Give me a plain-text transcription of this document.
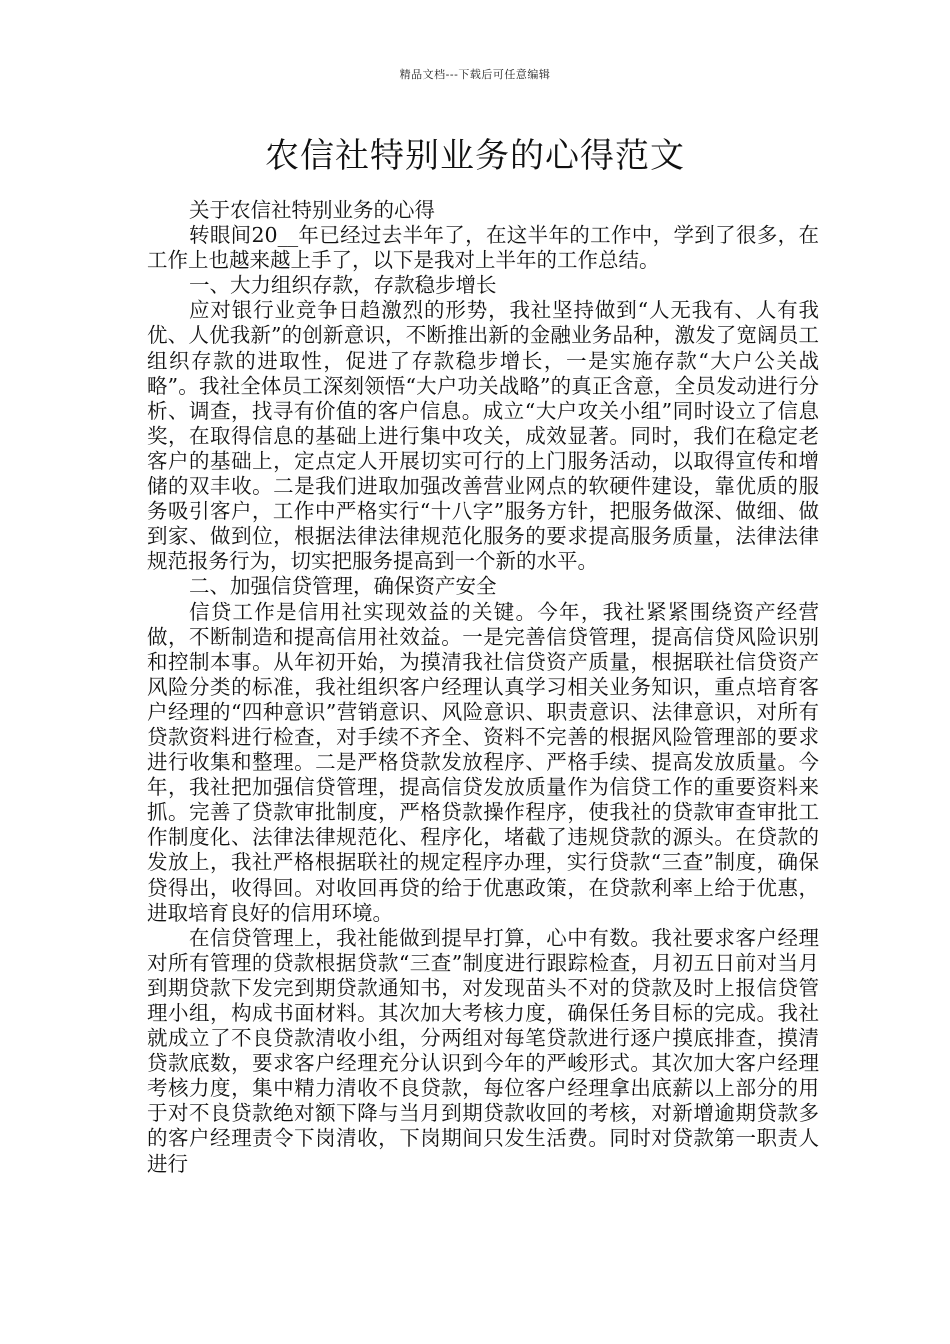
精品文档---下载后可任意编辑
农信社特别业务的心得范文

关于农信社特别业务的心得

转眼间20__年已经过去半年了，在这半年的工作中，学到了很多，在工作上也越来越上手了，以下是我对上半年的工作总结。

一、大力组织存款，存款稳步增长

应对银行业竞争日趋激烈的形势，我社坚持做到“人无我有、人有我优、人优我新”的创新意识，不断推出新的金融业务品种，激发了宽阔员工组织存款的进取性，促进了存款稳步增长，一是实施存款“大户公关战略”。我社全体员工深刻领悟“大户功关战略”的真正含意，全员发动进行分析、调查，找寻有价值的客户信息。成立“大户攻关小组”同时设立了信息奖，在取得信息的基础上进行集中攻关，成效显著。同时，我们在稳定老客户的基础上，定点定人开展切实可行的上门服务活动，以取得宣传和增储的双丰收。二是我们进取加强改善营业网点的软硬件建设，靠优质的服务吸引客户，工作中严格实行“十八字”服务方针，把服务做深、做细、做到家、做到位，根据法律法律规范化服务的要求提高服务质量，法律法律规范报务行为，切实把服务提高到一个新的水平。

二、加强信贷管理，确保资产安全

信贷工作是信用社实现效益的关键。今年，我社紧紧围绕资产经营做，不断制造和提高信用社效益。一是完善信贷管理，提高信贷风险识别和控制本事。从年初开始，为摸清我社信贷资产质量，根据联社信贷资产风险分类的标准，我社组织客户经理认真学习相关业务知识，重点培育客户经理的“四种意识”营销意识、风险意识、职责意识、法律意识，对所有贷款资料进行检查，对手续不齐全、资料不完善的根据风险管理部的要求进行收集和整理。二是严格贷款发放程序、严格手续、提高发放质量。今年，我社把加强信贷管理，提高信贷发放质量作为信贷工作的重要资料来抓。完善了贷款审批制度，严格贷款操作程序，使我社的贷款审查审批工作制度化、法律法律规范化、程序化，堵截了违规贷款的源头。在贷款的发放上，我社严格根据联社的规定程序办理，实行贷款“三查”制度，确保贷得出，收得回。对收回再贷的给于优惠政策，在贷款利率上给于优惠，进取培育良好的信用环境。

在信贷管理上，我社能做到提早打算，心中有数。我社要求客户经理对所有管理的贷款根据贷款“三查”制度进行跟踪检查，月初五日前对当月到期贷款下发完到期贷款通知书，对发现苗头不对的贷款及时上报信贷管理小组，构成书面材料。其次加大考核力度，确保任务目标的完成。我社就成立了不良贷款清收小组，分两组对每笔贷款进行逐户摸底排查，摸清贷款底数，要求客户经理充分认识到今年的严峻形式。其次加大客户经理考核力度，集中精力清收不良贷款，每位客户经理拿出底薪以上部分的用于对不良贷款绝对额下降与当月到期贷款收回的考核，对新增逾期贷款多的客户经理责令下岗清收，下岗期间只发生活费。同时对贷款第一职责人进行
